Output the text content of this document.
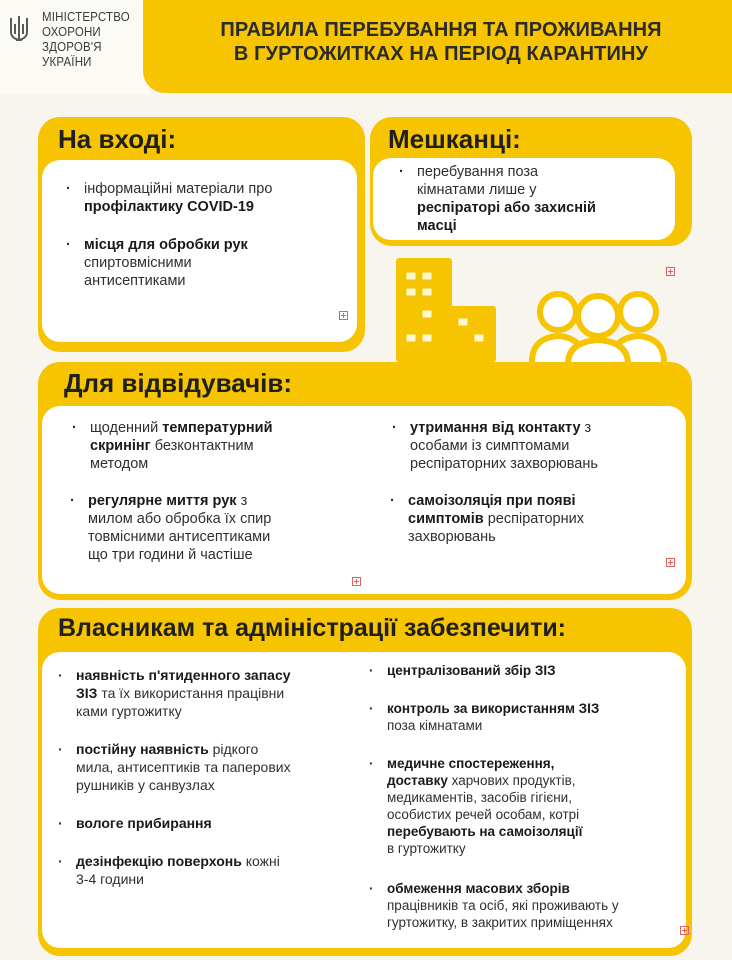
МІНІСТЕРСТВО
ОХОРОНИ
ЗДОРОВ'Я
УКРАЇНИ
ПРАВИЛА ПЕРЕБУВАННЯ ТА ПРОЖИВАННЯ
В ГУРТОЖИТКАХ НА ПЕРІОД КАРАНТИНУ
На вході:
· інформаційні матеріали про
профілактику COVID-19
· місця для обробки рук
спиртовмісними
антисептиками
Мешканці:
· перебування поза
кімнатами лише у
респіраторі або захисній
масці
Для відвідувачів:
· щоденний температурний
скринінг безконтактним
методом
· регулярне миття рук з
милом або обробка їх спир
товмісними антисептиками
що три години й частіше
· утримання від контакту з
особами із симптомами
респіраторних захворювань
· самоізоляція при появі
симптомів респіраторних
захворювань
Власникам та адміністрації забезпечити:
· наявність п'ятиденного запасу
ЗІЗ та їх використання працівни
ками гуртожитку
· постійну наявність рідкого
мила, антисептиків та паперових
рушників у санвузлах
· вологе прибирання
· дезінфекцію поверхонь кожні
3-4 години
· централізований збір ЗІЗ
· контроль за використанням ЗІЗ
поза кімнатами
· медичне спостереження,
доставку харчових продуктів,
медикаментів, засобів гігієни,
особистих речей особам, котрі
перебувають на самоізоляції
в гуртожитку
· обмеження масових зборів
працівників та осіб, які проживають у
гуртожитку, в закритих приміщеннях
